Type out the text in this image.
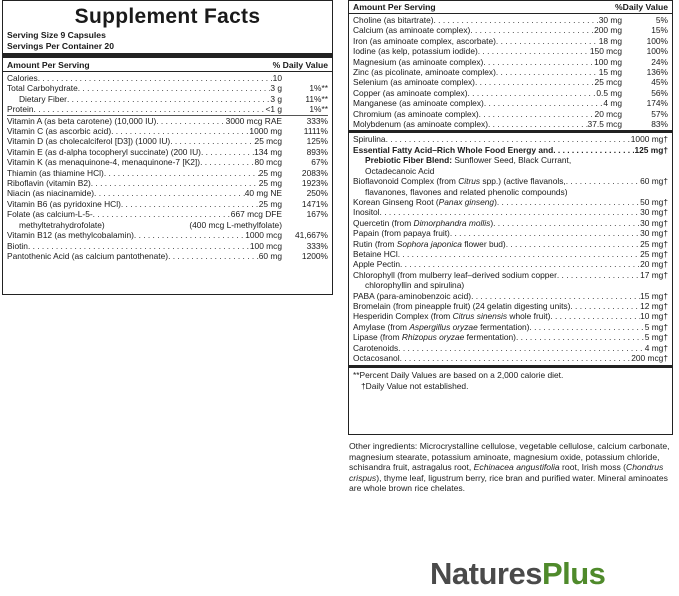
Supplement Facts
Serving Size 9 Capsules
Servings Per Container 20
Amount Per Serving	% Daily Value
Calories . . .	10
Total Carbohydrate . . .	3 g	1%**
Dietary Fiber . . .	3 g	11%**
Protein . . .	<1 g	1%**
Vitamin A (as beta carotene) (10,000 IU) . . .	3000 mcg RAE	333%
Vitamin C (as ascorbic acid) . . .	1000 mg	1111%
Vitamin D (as cholecalciferol [D3]) (1000 IU) . . .	25 mcg	125%
Vitamin E (as d-alpha tocopheryl succinate) (200 IU) . . .	134 mg	893%
Vitamin K (as menaquinone-4, menaquinone-7 [K2]) . . .	80 mcg	67%
Thiamin (as thiamine HCl) . . .	25 mg	2083%
Riboflavin (vitamin B2) . . .	25 mg	1923%
Niacin (as niacinamide) . . .	40 mg NE	250%
Vitamin B6 (as pyridoxine HCl) . . .	25 mg	1471%
Folate (as calcium-L-5- . . .	667 mcg DFE	167%
methyltetrahydrofolate)	(400 mcg L-methylfolate)
Vitamin B12 (as methylcobalamin) . . .	1000 mcg	41,667%
Biotin . . .	100 mcg	333%
Pantothenic Acid (as calcium pantothenate) . . .	60 mg	1200%
Amount Per Serving	%Daily Value
Choline (as bitartrate) . . .	30 mg	5%
Calcium (as aminoate complex) . . .	200 mg	15%
Iron (as aminoate complex, ascorbate) . . .	18 mg	100%
Iodine (as kelp, potassium iodide) . . .	150 mcg	100%
Magnesium (as aminoate complex) . . .	100 mg	24%
Zinc (as picolinate, aminoate complex) . . .	15 mg	136%
Selenium (as aminoate complex) . . .	25 mcg	45%
Copper (as aminoate complex) . . .	0.5 mg	56%
Manganese (as aminoate complex) . . .	4 mg	174%
Chromium (as aminoate complex) . . .	20 mcg	57%
Molybdenum (as aminoate complex) . . .	37.5 mcg	83%
Spirulina . . .	1000 mg†
Essential Fatty Acid–Rich Whole Food Energy and . . .	125 mg†
Prebiotic Fiber Blend: Sunflower Seed, Black Currant,
Octadecanoic Acid
Bioflavonoid Complex (from Citrus spp.) (active flavanols, . . .	60 mg†
flavanones, flavones and related phenolic compounds)
Korean Ginseng Root (Panax ginseng) . . .	50 mg†
Inositol . . .	30 mg†
Quercetin (from Dimorphandra mollis) . . .	30 mg†
Papain (from papaya fruit) . . .	30 mg†
Rutin (from Sophora japonica flower bud) . . .	25 mg†
Betaine HCl . . .	25 mg†
Apple Pectin . . .	20 mg†
Chlorophyll (from mulberry leaf–derived sodium copper . . .	17 mg†
chlorophyllin and spirulina)
PABA (para-aminobenzoic acid) . . .	15 mg†
Bromelain (from pineapple fruit) (24 gelatin digesting units) . . .	12 mg†
Hesperidin Complex (from Citrus sinensis whole fruit) . . .	10 mg†
Amylase (from Aspergillus oryzae fermentation) . . .	5 mg†
Lipase (from Rhizopus oryzae fermentation) . . .	5 mg†
Carotenoids . . .	4 mg†
Octacosanol . . .	200 mcg†
**Percent Daily Values are based on a 2,000 calorie diet.
†Daily Value not established.
Other ingredients: Microcrystalline cellulose, vegetable cellulose, calcium carbonate, magnesium stearate, potassium aminoate, magnesium oxide, potassium chloride, schisandra fruit, astragalus root, Echinacea angustifolia root, Irish moss (Chondrus crispus), thyme leaf, ligustrum berry, rice bran and purified water. Mineral aminoates are whole brown rice chelates.
NaturesPlus
